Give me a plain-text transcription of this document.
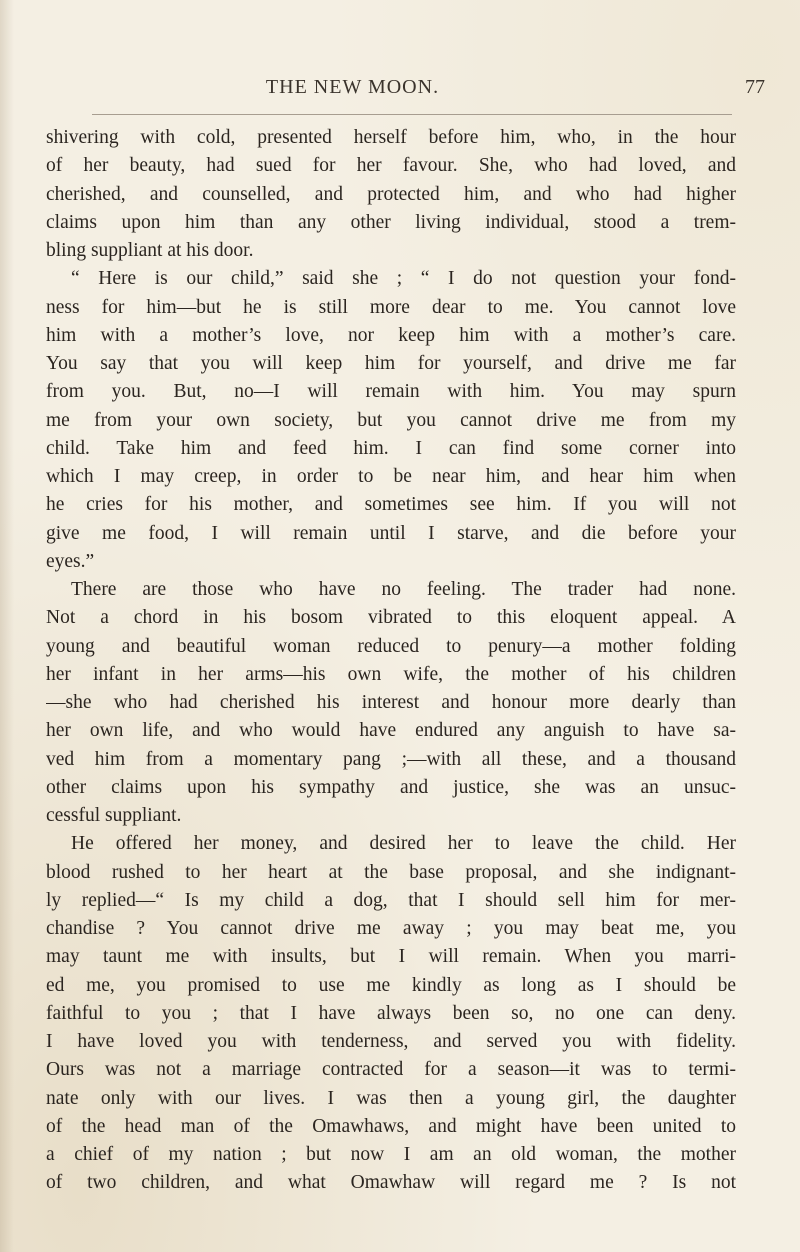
THE NEW MOON.	77
shivering with cold, presented herself before him, who, in the hour
of her beauty, had sued for her favour. She, who had loved, and
cherished, and counselled, and protected him, and who had higher
claims upon him than any other living individual, stood a trem-
bling suppliant at his door.
“ Here is our child,” said she ; “ I do not question your fond-
ness for him—but he is still more dear to me. You cannot love
him with a mother’s love, nor keep him with a mother’s care.
You say that you will keep him for yourself, and drive me far
from you. But, no—I will remain with him. You may spurn
me from your own society, but you cannot drive me from my
child. Take him and feed him. I can find some corner into
which I may creep, in order to be near him, and hear him when
he cries for his mother, and sometimes see him. If you will not
give me food, I will remain until I starve, and die before your
eyes.”
There are those who have no feeling. The trader had none.
Not a chord in his bosom vibrated to this eloquent appeal. A
young and beautiful woman reduced to penury—a mother folding
her infant in her arms—his own wife, the mother of his children
—she who had cherished his interest and honour more dearly than
her own life, and who would have endured any anguish to have sa-
ved him from a momentary pang ;—with all these, and a thousand
other claims upon his sympathy and justice, she was an unsuc-
cessful suppliant.
He offered her money, and desired her to leave the child. Her
blood rushed to her heart at the base proposal, and she indignant-
ly replied—“ Is my child a dog, that I should sell him for mer-
chandise ? You cannot drive me away ; you may beat me, you
may taunt me with insults, but I will remain. When you marri-
ed me, you promised to use me kindly as long as I should be
faithful to you ; that I have always been so, no one can deny.
I have loved you with tenderness, and served you with fidelity.
Ours was not a marriage contracted for a season—it was to termi-
nate only with our lives. I was then a young girl, the daughter
of the head man of the Omawhaws, and might have been united to
a chief of my nation ; but now I am an old woman, the mother
of two children, and what Omawhaw will regard me ? Is not
